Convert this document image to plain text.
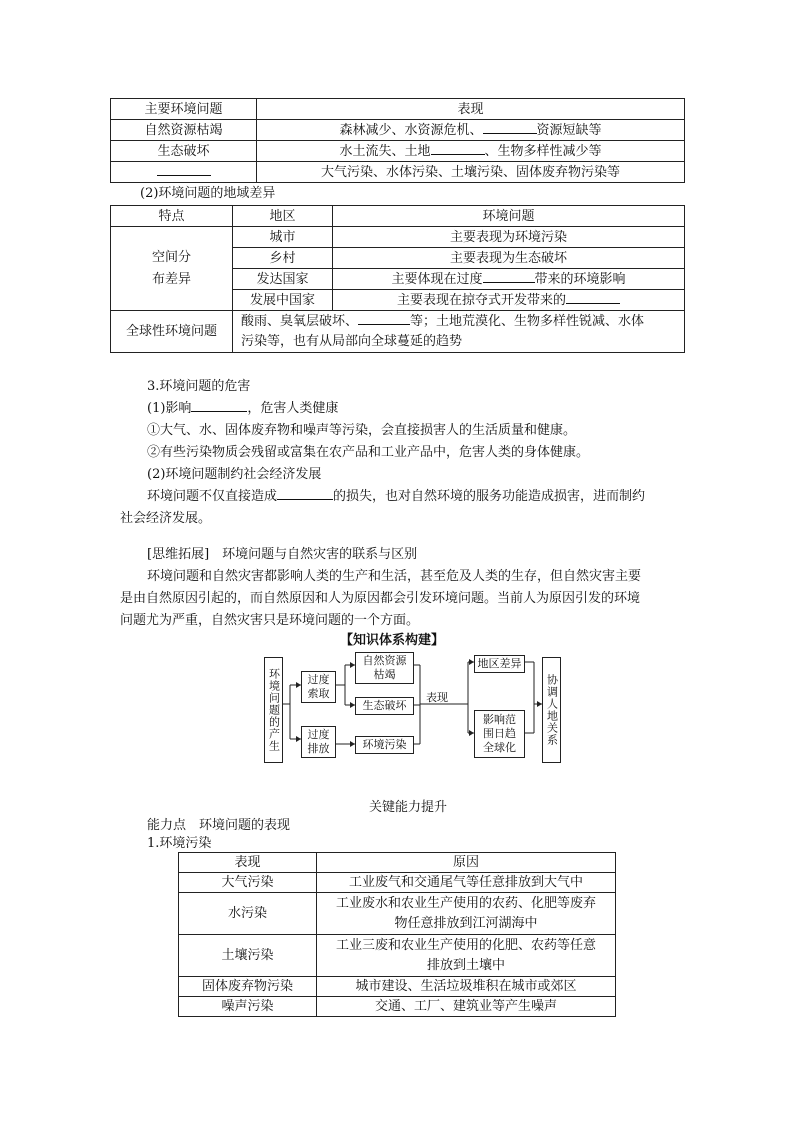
主要环境问题	表现
自然资源枯竭	森林减少、水资源危机、 资源短缺等
生态破坏	水土流失、土地 、生物多样性减少等
	大气污染、水体污染、土壤污染、固体废弃物污染等
(2)环境问题的地域差异
特点	地区	环境问题
空间分
布差异	城市	主要表现为环境污染
	乡村	主要表现为生态破坏
	发达国家	主要体现在过度 带来的环境影响
	发展中国家	主要表现在掠夺式开发带来的
全球性环境问题	酸雨、臭氧层破坏、 等；土地荒漠化、生物多样性锐减、水体
污染等，也有从局部向全球蔓延的趋势	
3.环境问题的危害
(1)影响	，危害人类健康
①大气、水、固体废弃物和噪声等污染，会直接损害人的生活质量和健康。
②有些污染物质会残留或富集在农产品和工业产品中，危害人类的身体健康。
(2)环境问题制约社会经济发展
环境问题不仅直接造成	的损失，也对自然环境的服务功能造成损害，进而制约
社会经济发展。
[思维拓展]　环境问题与自然灾害的联系与区别
环境问题和自然灾害都影响人类的生产和生活，甚至危及人类的生存，但自然灾害主要
是由自然原因引起的，而自然原因和人为原因都会引发环境问题。当前人为原因引发的环境
问题尤为严重，自然灾害只是环境问题的一个方面。
【知识体系构建】
环境问题的产生 过度
索取
过度
排放
自然资源
枯竭
生态破坏
环境污染
表现
地区差异
影响范
围日趋
全球化
协调人地关系
关键能力提升
能力点　环境问题的表现
1.环境污染
表现	原因
大气污染	工业废气和交通尾气等任意排放到大气中
水污染	工业废水和农业生产使用的农药、化肥等废弃
物任意排放到江河湖海中
土壤污染	工业三废和农业生产使用的化肥、农药等任意
排放到土壤中
固体废弃物污染	城市建设、生活垃圾堆积在城市或郊区
噪声污染	交通、工厂、建筑业等产生噪声
